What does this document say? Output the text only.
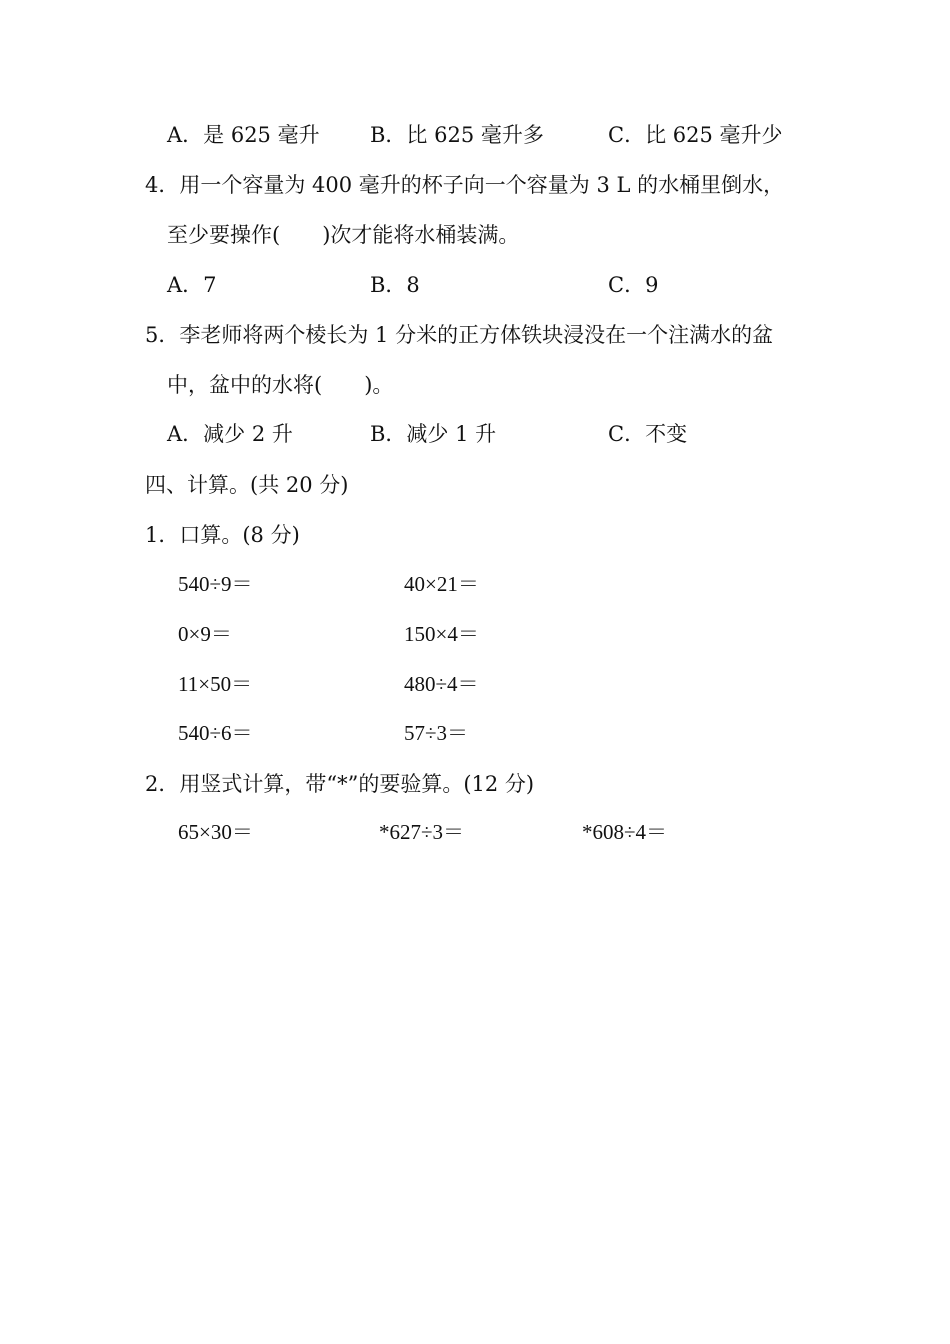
A．是 625 毫升 B．比 625 毫升多	C．比 625 毫升少
4．用一个容量为 400 毫升的杯子向一个容量为 3 L 的水桶里倒水，
至少要操作(　　)次才能将水桶装满。
A．7	B．8	C．9
5．李老师将两个棱长为 1 分米的正方体铁块浸没在一个注满水的盆
中，盆中的水将(　　)。
A．减少 2 升	B．减少 1 升	C．不变
四、计算。(共 20 分)
1．口算。(8 分)
540÷9＝	40×21＝
0×9＝	150×4＝
11×50＝	480÷4＝
540÷6＝	57÷3＝
2．用竖式计算，带“*”的要验算。(12 分)
65×30＝	*627÷3＝	*608÷4＝
